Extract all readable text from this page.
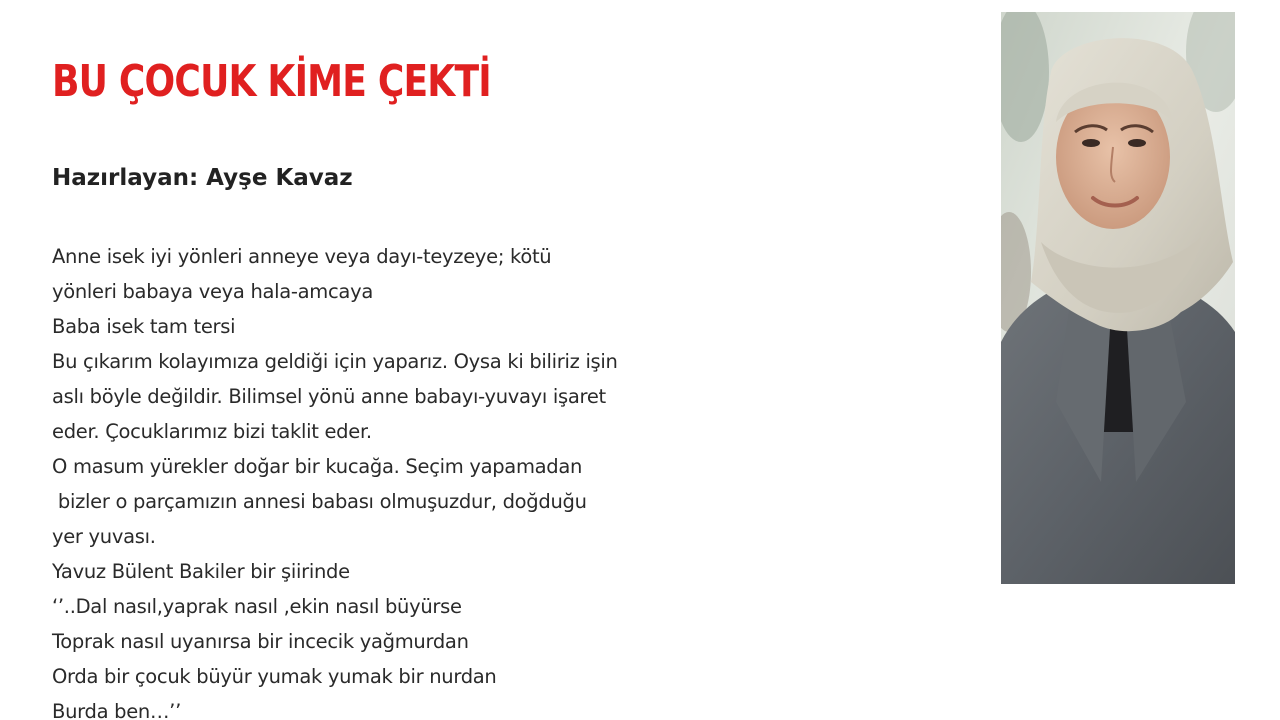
BU ÇOCUK KİME ÇEKTİ
Hazırlayan: Ayşe Kavaz
Anne isek iyi yönleri anneye veya dayı-teyzeye; kötü
yönleri babaya veya hala-amcaya
Baba isek tam tersi
Bu çıkarım kolayımıza geldiği için yaparız. Oysa ki biliriz işin
aslı böyle değildir. Bilimsel yönü anne babayı-yuvayı işaret
eder. Çocuklarımız bizi taklit eder.
O masum yürekler doğar bir kucağa. Seçim yapamadan
bizler o parçamızın annesi babası olmuşuzdur, doğduğu
yer yuvası.
Yavuz Bülent Bakiler bir şiirinde
‘’..Dal nasıl,yaprak nasıl ,ekin nasıl büyürse
Toprak nasıl uyanırsa bir incecik yağmurdan
Orda bir çocuk büyür yumak yumak bir nurdan
Burda ben…’’
